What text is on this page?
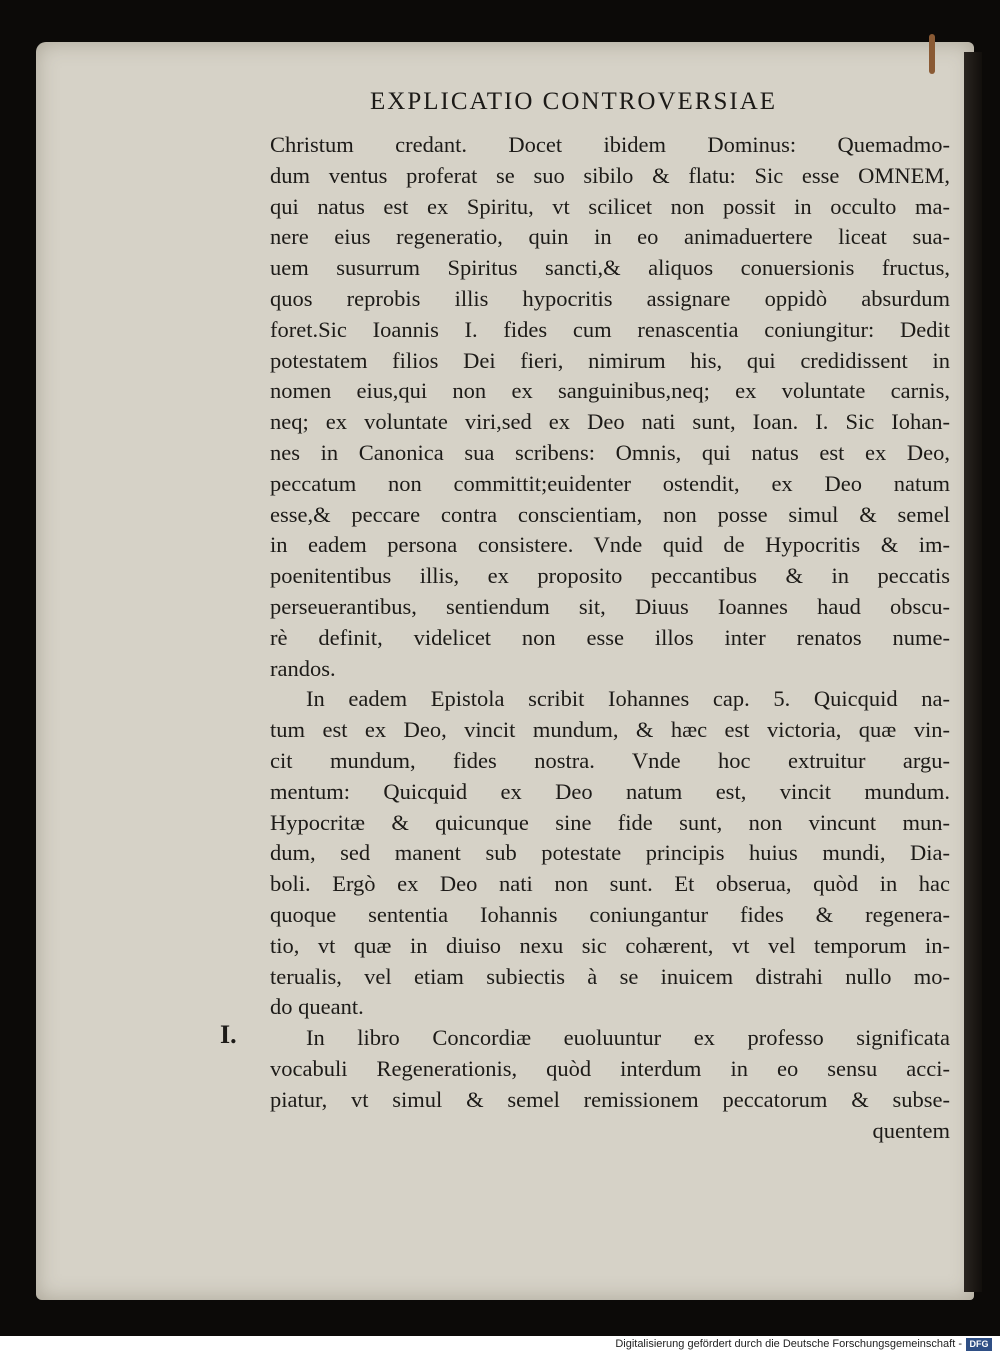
EXPLICATIO CONTROVERSIAE
I.
Christum credant. Docet ibidem Dominus: Quemadmo-
dum ventus proferat se suo sibilo & flatu: Sic esse OMNEM,
qui natus est ex Spiritu, vt scilicet non possit in occulto ma-
nere eius regeneratio, quin in eo animaduertere liceat sua-
uem susurrum Spiritus sancti,& aliquos conuersionis fructus,
quos reprobis illis hypocritis assignare oppidò absurdum
foret.Sic Ioannis I. fides cum renascentia coniungitur: Dedit
potestatem filios Dei fieri, nimirum his, qui credidissent in
nomen eius,qui non ex sanguinibus,neq; ex voluntate carnis,
neq; ex voluntate viri,sed ex Deo nati sunt, Ioan. I. Sic Iohan-
nes in Canonica sua scribens: Omnis, qui natus est ex Deo,
peccatum non committit;euidenter ostendit, ex Deo natum
esse,& peccare contra conscientiam, non posse simul & semel
in eadem persona consistere. Vnde quid de Hypocritis & im-
poenitentibus illis, ex proposito peccantibus & in peccatis
perseuerantibus, sentiendum sit, Diuus Ioannes haud obscu-
rè definit, videlicet non esse illos inter renatos nume-
randos.
In eadem Epistola scribit Iohannes cap. 5. Quicquid na-
tum est ex Deo, vincit mundum, & hæc est victoria, quæ vin-
cit mundum, fides nostra. Vnde hoc extruitur argu-
mentum: Quicquid ex Deo natum est, vincit mundum.
Hypocritæ & quicunque sine fide sunt, non vincunt mun-
dum, sed manent sub potestate principis huius mundi, Dia-
boli. Ergò ex Deo nati non sunt. Et obserua, quòd in hac
quoque sententia Iohannis coniungantur fides & regenera-
tio, vt quæ in diuiso nexu sic cohærent, vt vel temporum in-
terualis, vel etiam subiectis à se inuicem distrahi nullo mo-
do queant.
In libro Concordiæ euoluuntur ex professo significata
vocabuli Regenerationis, quòd interdum in eo sensu acci-
piatur, vt simul & semel remissionem peccatorum & subse-
quentem
Digitalisierung gefördert durch die Deutsche Forschungsgemeinschaft - DFG
